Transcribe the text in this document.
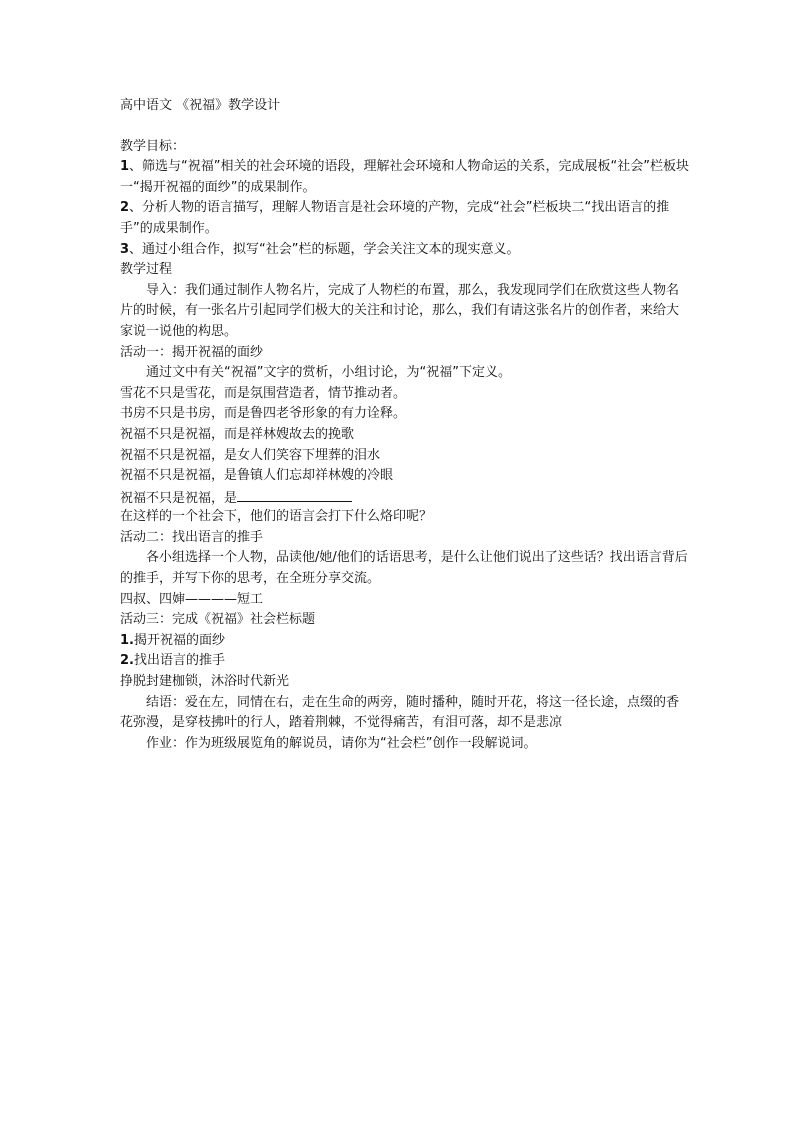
高中语文 《祝福》教学设计
教学目标：
1、筛选与“祝福”相关的社会环境的语段，理解社会环境和人物命运的关系，完成展板“社会”栏板块一“揭开祝福的面纱”的成果制作。
2、分析人物的语言描写，理解人物语言是社会环境的产物，完成“社会”栏板块二“找出语言的推手”的成果制作。
3、通过小组合作，拟写“社会”栏的标题，学会关注文本的现实意义。
教学过程
导入：我们通过制作人物名片，完成了人物栏的布置，那么，我发现同学们在欣赏这些人物名片的时候，有一张名片引起同学们极大的关注和讨论，那么，我们有请这张名片的创作者，来给大家说一说他的构思。
活动一：揭开祝福的面纱
通过文中有关“祝福”文字的赏析，小组讨论，为“祝福”下定义。
雪花不只是雪花，而是氛围营造者，情节推动者。
书房不只是书房，而是鲁四老爷形象的有力诠释。
祝福不只是祝福，而是祥林嫂故去的挽歌
祝福不只是祝福，是女人们笑容下埋葬的泪水
祝福不只是祝福，是鲁镇人们忘却祥林嫂的冷眼
祝福不只是祝福，是
在这样的一个社会下，他们的语言会打下什么烙印呢？
活动二：找出语言的推手
各小组选择一个人物，品读他/她/他们的话语思考，是什么让他们说出了这些话？找出语言背后的推手，并写下你的思考，在全班分享交流。
四叔、四婶————短工
活动三：完成《祝福》社会栏标题
1.揭开祝福的面纱
2.找出语言的推手
挣脱封建枷锁，沐浴时代新光
结语：爱在左，同情在右，走在生命的两旁，随时播种，随时开花，将这一径长途，点缀的香花弥漫，是穿枝拂叶的行人，踏着荆棘，不觉得痛苦，有泪可落，却不是悲凉
作业：作为班级展览角的解说员，请你为“社会栏”创作一段解说词。
